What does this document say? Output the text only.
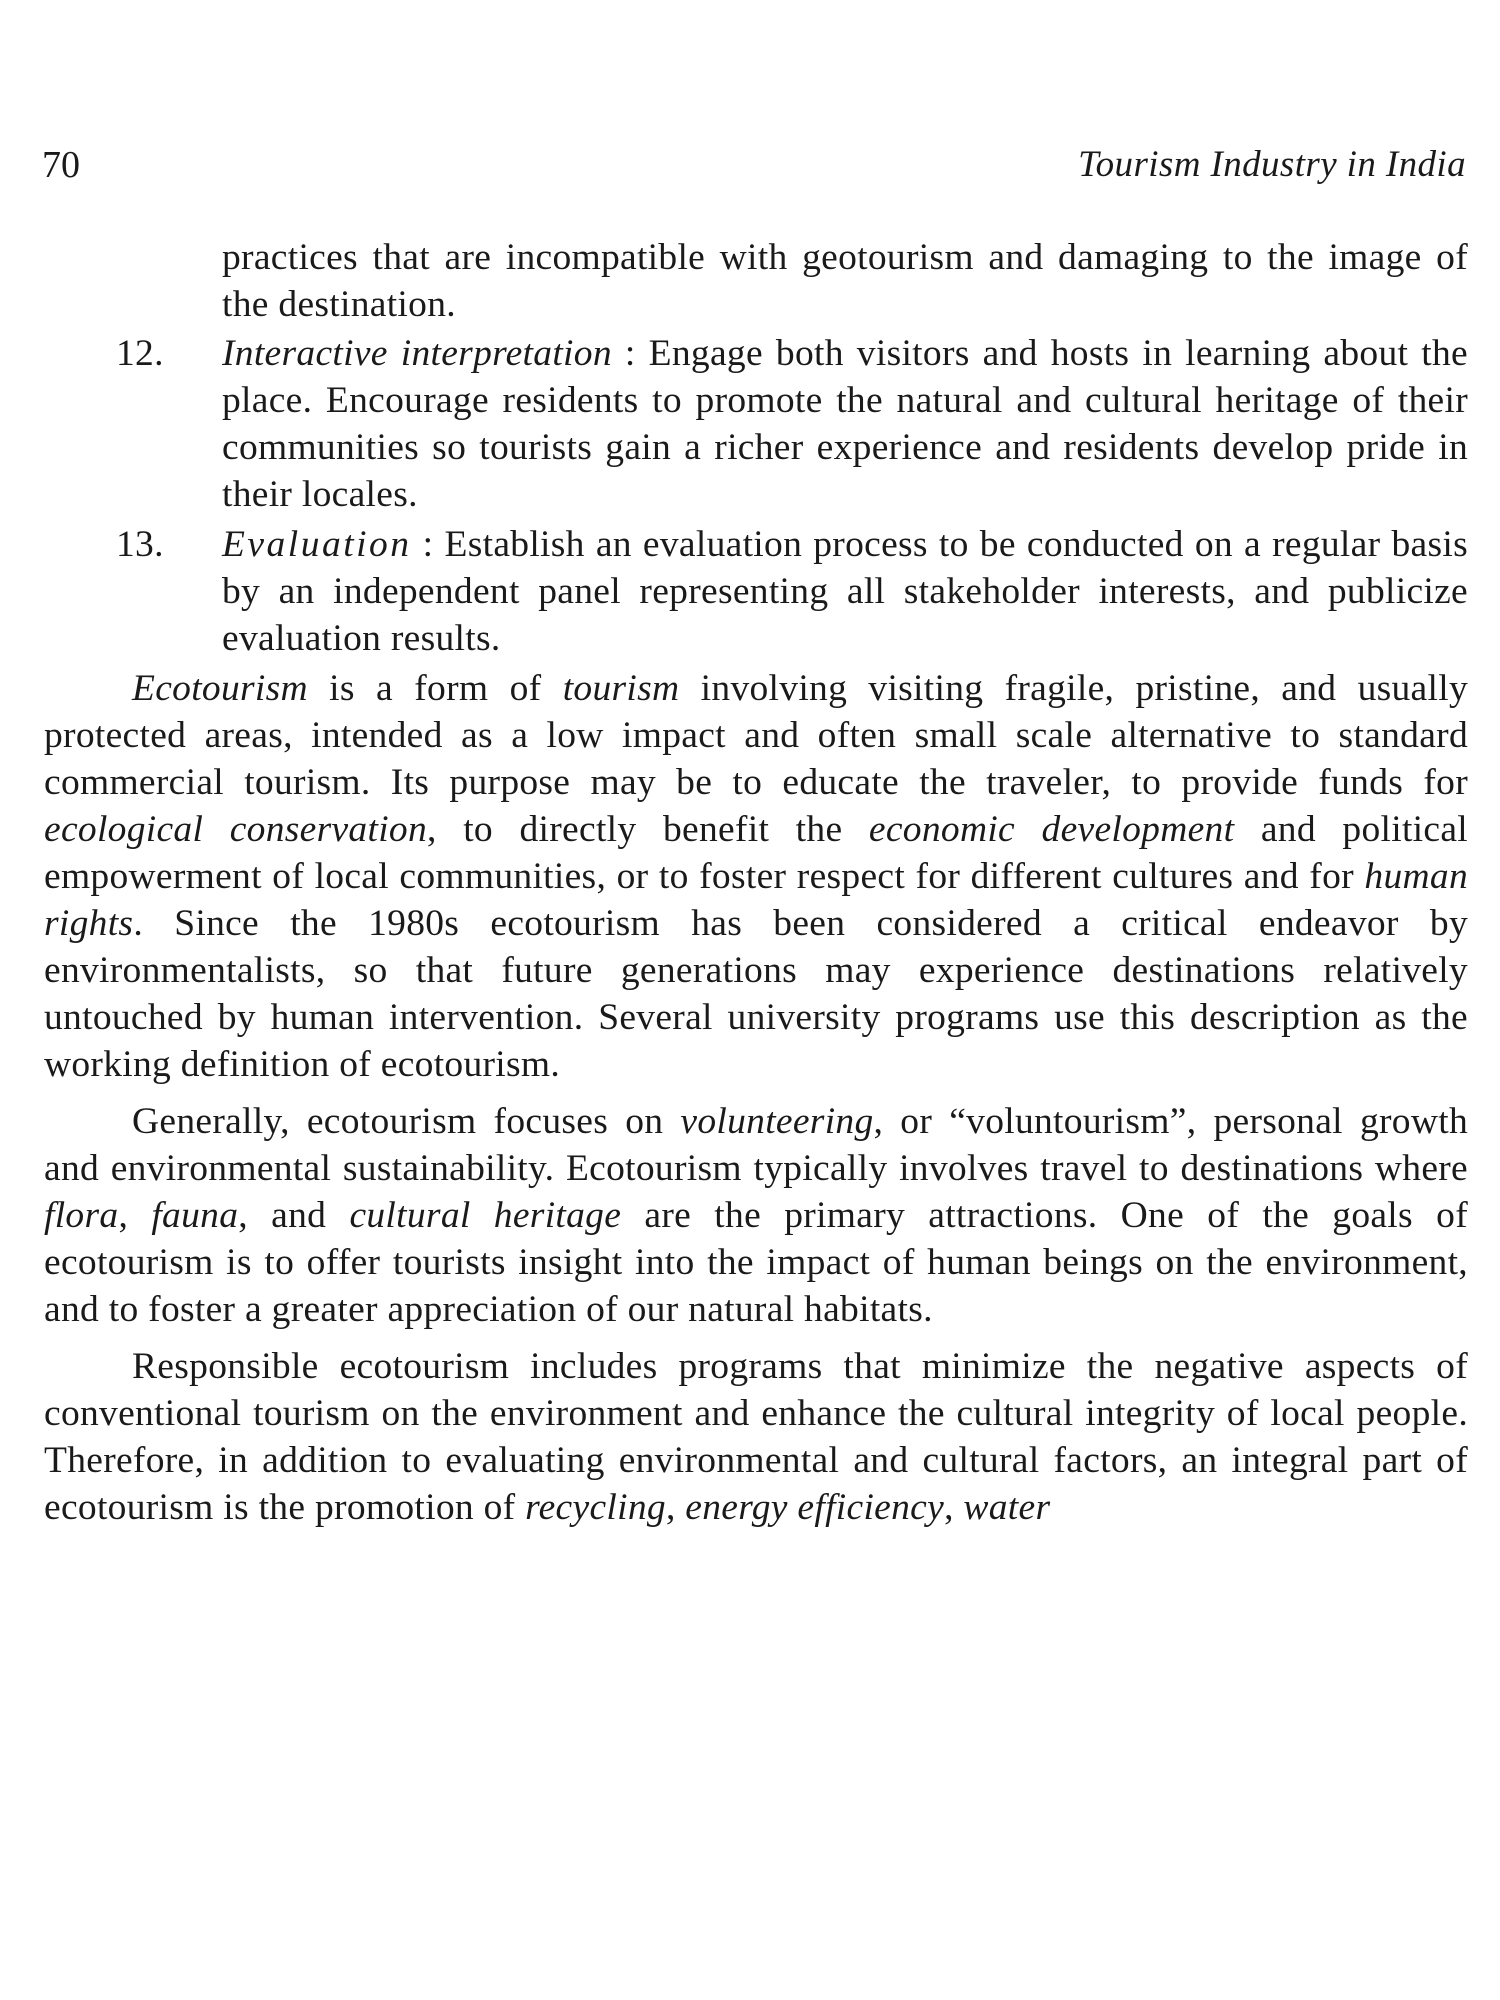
70	Tourism Industry in India

practices that are incompatible with geotourism and damaging to the image of the destination.

12. Interactive interpretation : Engage both visitors and hosts in learning about the place. Encourage residents to promote the natural and cultural heritage of their communities so tourists gain a richer experience and residents develop pride in their locales.

13. Evaluation : Establish an evaluation process to be conducted on a regular basis by an independent panel representing all stakeholder interests, and publicize evaluation results.

Ecotourism is a form of tourism involving visiting fragile, pristine, and usually protected areas, intended as a low impact and often small scale alternative to standard commercial tourism. Its purpose may be to educate the traveler, to provide funds for ecological conservation, to directly benefit the economic development and political empowerment of local communities, or to foster respect for different cultures and for human rights. Since the 1980s ecotourism has been considered a critical endeavor by environmentalists, so that future generations may experience destinations relatively untouched by human intervention. Several university programs use this description as the working definition of ecotourism.

Generally, ecotourism focuses on volunteering, or “voluntourism”, personal growth and environmental sustainability. Ecotourism typically involves travel to destinations where flora, fauna, and cultural heritage are the primary attractions. One of the goals of ecotourism is to offer tourists insight into the impact of human beings on the environment, and to foster a greater appreciation of our natural habitats.

Responsible ecotourism includes programs that minimize the negative aspects of conventional tourism on the environment and enhance the cultural integrity of local people. Therefore, in addition to evaluating environmental and cultural factors, an integral part of ecotourism is the promotion of recycling, energy efficiency, water
